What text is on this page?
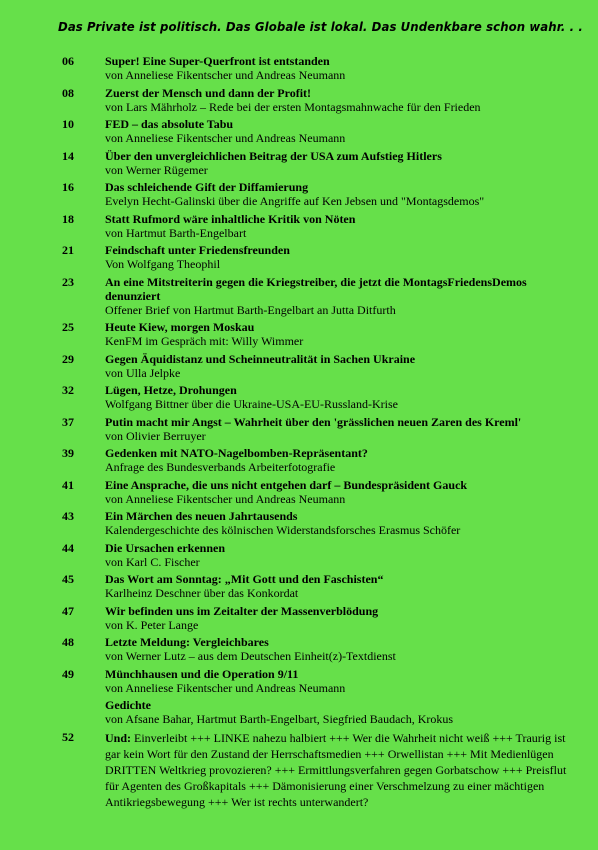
Das Private ist politisch. Das Globale ist lokal. Das Undenkbare schon wahr. . .
06	Super! Eine Super-Querfront ist entstanden
von Anneliese Fikentscher und Andreas Neumann
08	Zuerst der Mensch und dann der Profit!
von Lars Mährholz – Rede bei der ersten Montagsmahnwache für den Frieden
10	FED – das absolute Tabu
von Anneliese Fikentscher und Andreas Neumann
14	Über den unvergleichlichen Beitrag der USA zum Aufstieg Hitlers
von Werner Rügemer
16	Das schleichende Gift der Diffamierung
Evelyn Hecht-Galinski über die Angriffe auf Ken Jebsen und "Montagsdemos"
18	Statt Rufmord wäre inhaltliche Kritik von Nöten
von Hartmut Barth-Engelbart
21	Feindschaft unter Friedensfreunden
Von Wolfgang Theophil
23	An eine Mitstreiterin gegen die Kriegstreiber, die jetzt die MontagsFriedensDemos denunziert
Offener Brief von Hartmut Barth-Engelbart an Jutta Ditfurth
25	Heute Kiew, morgen Moskau
KenFM im Gespräch mit: Willy Wimmer
29	Gegen Äquidistanz und Scheinneutralität in Sachen Ukraine
von Ulla Jelpke
32	Lügen, Hetze, Drohungen
Wolfgang Bittner über die Ukraine-USA-EU-Russland-Krise
37	Putin macht mir Angst – Wahrheit über den 'grässlichen neuen Zaren des Kreml'
von Olivier Berruyer
39	Gedenken mit NATO-Nagelbomben-Repräsentant?
Anfrage des Bundesverbands Arbeiterfotografie
41	Eine Ansprache, die uns nicht entgehen darf – Bundespräsident Gauck
von Anneliese Fikentscher und Andreas Neumann
43	Ein Märchen des neuen Jahrtausends
Kalendergeschichte des kölnischen Widerstandsforsches Erasmus Schöfer
44	Die Ursachen erkennen
von Karl C. Fischer
45	Das Wort am Sonntag: „Mit Gott und den Faschisten“
Karlheinz Deschner über das Konkordat
47	Wir befinden uns im Zeitalter der Massenverblödung
von K. Peter Lange
48	Letzte Meldung: Vergleichbares
von Werner Lutz – aus dem Deutschen Einheit(z)-Textdienst
49	Münchhausen und die Operation 9/11
von Anneliese Fikentscher und Andreas Neumann
Gedichte
von Afsane Bahar, Hartmut Barth-Engelbart, Siegfried Baudach, Krokus
52	Und: Einverleibt +++ LINKE nahezu halbiert +++ Wer die Wahrheit nicht weiß +++ Traurig ist gar kein Wort für den Zustand der Herrschaftsmedien +++ Orwellistan +++ Mit Medienlügen DRITTEN Weltkrieg provozieren? +++ Ermittlungsverfahren gegen Gorbatschow +++ Preisflut für Agenten des Großkapitals +++ Dämonisierung einer Verschmelzung zu einer mächtigen Antikriegsbewegung +++ Wer ist rechts unterwandert?
